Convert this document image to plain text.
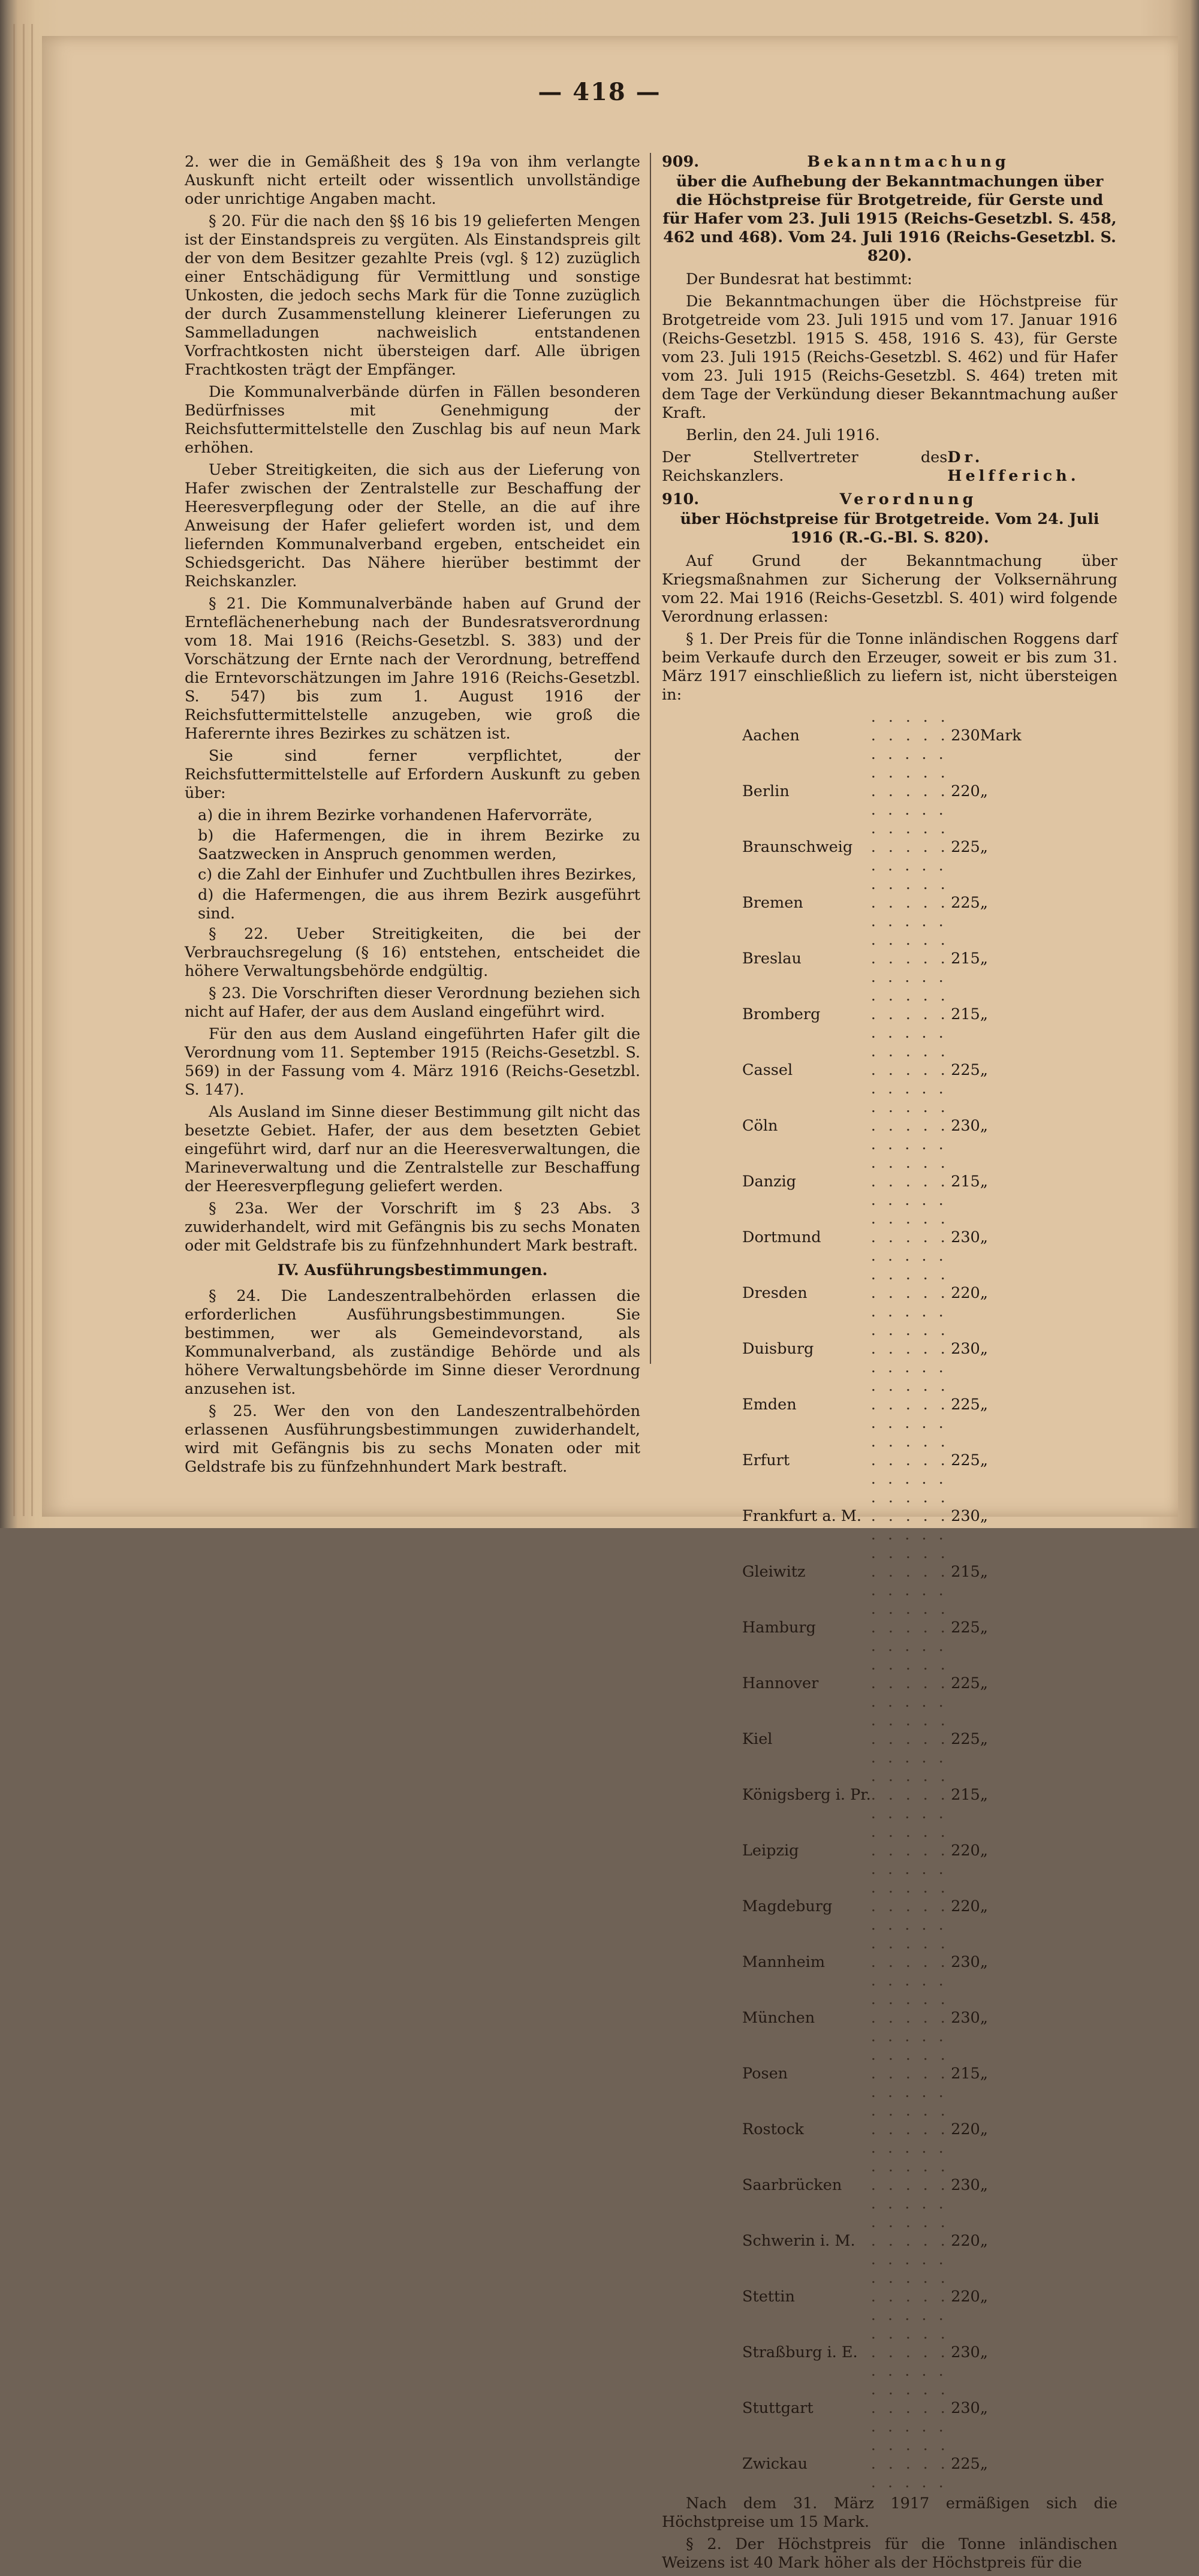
— 418 —

2. wer die in Gemäßheit des § 19a von ihm verlangte Auskunft nicht erteilt oder wissentlich unvollständige oder unrichtige Angaben macht.

§ 20. Für die nach den §§ 16 bis 19 gelieferten Mengen ist der Einstandspreis zu vergüten. Als Einstandspreis gilt der von dem Besitzer gezahlte Preis (vgl. § 12) zuzüglich einer Entschädigung für Vermittlung und sonstige Unkosten, die jedoch sechs Mark für die Tonne zuzüglich der durch Zusammenstellung kleinerer Lieferungen zu Sammelladungen nachweislich entstandenen Vorfrachtkosten nicht übersteigen darf. Alle übrigen Frachtkosten trägt der Empfänger.

Die Kommunalverbände dürfen in Fällen besonderen Bedürfnisses mit Genehmigung der Reichsfuttermittelstelle den Zuschlag bis auf neun Mark erhöhen.

Ueber Streitigkeiten, die sich aus der Lieferung von Hafer zwischen der Zentralstelle zur Beschaffung der Heeresverpflegung oder der Stelle, an die auf ihre Anweisung der Hafer geliefert worden ist, und dem liefernden Kommunalverband ergeben, entscheidet ein Schiedsgericht. Das Nähere hierüber bestimmt der Reichskanzler.

§ 21. Die Kommunalverbände haben auf Grund der Ernteflächenerhebung nach der Bundesratsverordnung vom 18. Mai 1916 (Reichs-Gesetzbl. S. 383) und der Vorschätzung der Ernte nach der Verordnung, betreffend die Erntevorschätzungen im Jahre 1916 (Reichs-Gesetzbl. S. 547) bis zum 1. August 1916 der Reichsfuttermittelstelle anzugeben, wie groß die Haferernte ihres Bezirkes zu schätzen ist.

Sie sind ferner verpflichtet, der Reichsfuttermittelstelle auf Erfordern Auskunft zu geben über:

a) die in ihrem Bezirke vorhandenen Hafervorräte,

b) die Hafermengen, die in ihrem Bezirke zu Saatzwecken in Anspruch genommen werden,

c) die Zahl der Einhufer und Zuchtbullen ihres Bezirkes,

d) die Hafermengen, die aus ihrem Bezirk ausgeführt sind.

§ 22. Ueber Streitigkeiten, die bei der Verbrauchsregelung (§ 16) entstehen, entscheidet die höhere Verwaltungsbehörde endgültig.

§ 23. Die Vorschriften dieser Verordnung beziehen sich nicht auf Hafer, der aus dem Ausland eingeführt wird.

Für den aus dem Ausland eingeführten Hafer gilt die Verordnung vom 11. September 1915 (Reichs-Gesetzbl. S. 569) in der Fassung vom 4. März 1916 (Reichs-Gesetzbl. S. 147).

Als Ausland im Sinne dieser Bestimmung gilt nicht das besetzte Gebiet. Hafer, der aus dem besetzten Gebiet eingeführt wird, darf nur an die Heeresverwaltungen, die Marineverwaltung und die Zentralstelle zur Beschaffung der Heeresverpflegung geliefert werden.

§ 23a. Wer der Vorschrift im § 23 Abs. 3 zuwiderhandelt, wird mit Gefängnis bis zu sechs Monaten oder mit Geldstrafe bis zu fünfzehnhundert Mark bestraft.

IV. Ausführungsbestimmungen.

§ 24. Die Landeszentralbehörden erlassen die erforderlichen Ausführungsbestimmungen. Sie bestimmen, wer als Gemeindevorstand, als Kommunalverband, als zuständige Behörde und als höhere Verwaltungsbehörde im Sinne dieser Verordnung anzusehen ist.

§ 25. Wer den von den Landeszentralbehörden erlassenen Ausführungsbestimmungen zuwiderhandelt, wird mit Gefängnis bis zu sechs Monaten oder mit Geldstrafe bis zu fünfzehnhundert Mark bestraft.

909.	Bekanntmachung

über die Aufhebung der Bekanntmachungen über die Höchstpreise für Brotgetreide, für Gerste und für Hafer vom 23. Juli 1915 (Reichs-Gesetzbl. S. 458, 462 und 468). Vom 24. Juli 1916 (Reichs-Gesetzbl. S. 820).

Der Bundesrat hat bestimmt:

Die Bekanntmachungen über die Höchstpreise für Brotgetreide vom 23. Juli 1915 und vom 17. Januar 1916 (Reichs-Gesetzbl. 1915 S. 458, 1916 S. 43), für Gerste vom 23. Juli 1915 (Reichs-Gesetzbl. S. 462) und für Hafer vom 23. Juli 1915 (Reichs-Gesetzbl. S. 464) treten mit dem Tage der Verkündung dieser Bekanntmachung außer Kraft.

Berlin, den 24. Juli 1916.

Der Stellvertreter des Reichskanzlers.
Dr. Helfferich.

910.	Verordnung

über Höchstpreise für Brotgetreide. Vom 24. Juli 1916 (R.-G.-Bl. S. 820).

Auf Grund der Bekanntmachung über Kriegsmaßnahmen zur Sicherung der Volksernährung vom 22. Mai 1916 (Reichs-Gesetzbl. S. 401) wird folgende Verordnung erlassen:

§ 1. Der Preis für die Tonne inländischen Roggens darf beim Verkaufe durch den Erzeuger, soweit er bis zum 31. März 1917 einschließlich zu liefern ist, nicht übersteigen in:

Aachen	. . . . . . . . . . . . . . .	230	Mark
Berlin	. . . . . . . . . . . . . . .	220	„
Braunschweig	. . . . . . . . . . . . . . .	225	„
Bremen	. . . . . . . . . . . . . . .	225	„
Breslau	. . . . . . . . . . . . . . .	215	„
Bromberg	. . . . . . . . . . . . . . .	215	„
Cassel	. . . . . . . . . . . . . . .	225	„
Cöln	. . . . . . . . . . . . . . .	230	„
Danzig	. . . . . . . . . . . . . . .	215	„
Dortmund	. . . . . . . . . . . . . . .	230	„
Dresden	. . . . . . . . . . . . . . .	220	„
Duisburg	. . . . . . . . . . . . . . .	230	„
Emden	. . . . . . . . . . . . . . .	225	„
Erfurt	. . . . . . . . . . . . . . .	225	„
Frankfurt a. M.	. . . . . . . . . . . . . . .	230	„
Gleiwitz	. . . . . . . . . . . . . . .	215	„
Hamburg	. . . . . . . . . . . . . . .	225	„
Hannover	. . . . . . . . . . . . . . .	225	„
Kiel	. . . . . . . . . . . . . . .	225	„
Königsberg i. Pr.	. . . . . . . . . . . . . . .	215	„
Leipzig	. . . . . . . . . . . . . . .	220	„
Magdeburg	. . . . . . . . . . . . . . .	220	„
Mannheim	. . . . . . . . . . . . . . .	230	„
München	. . . . . . . . . . . . . . .	230	„
Posen	. . . . . . . . . . . . . . .	215	„
Rostock	. . . . . . . . . . . . . . .	220	„
Saarbrücken	. . . . . . . . . . . . . . .	230	„
Schwerin i. M.	. . . . . . . . . . . . . . .	220	„
Stettin	. . . . . . . . . . . . . . .	220	„
Straßburg i. E.	. . . . . . . . . . . . . . .	230	„
Stuttgart	. . . . . . . . . . . . . . .	230	„
Zwickau	. . . . . . . . . . . . . . .	225	„

Nach dem 31. März 1917 ermäßigen sich die Höchstpreise um 15 Mark.

§ 2. Der Höchstpreis für die Tonne inländischen Weizens ist 40 Mark höher als der Höchstpreis für die
